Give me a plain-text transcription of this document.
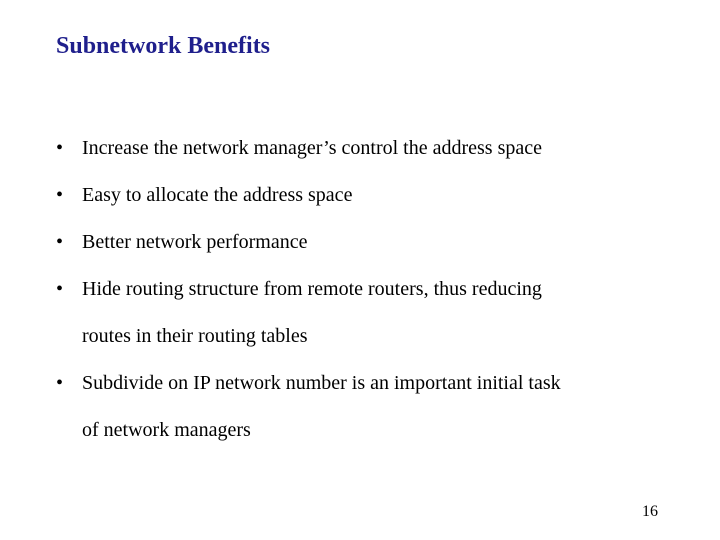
Subnetwork Benefits
• Increase the network manager’s control the address space
• Easy to allocate the address space
• Better network performance
• Hide routing structure from remote routers, thus reducing
routes in their routing tables
• Subdivide on IP network number is an important initial task
of network managers
16
